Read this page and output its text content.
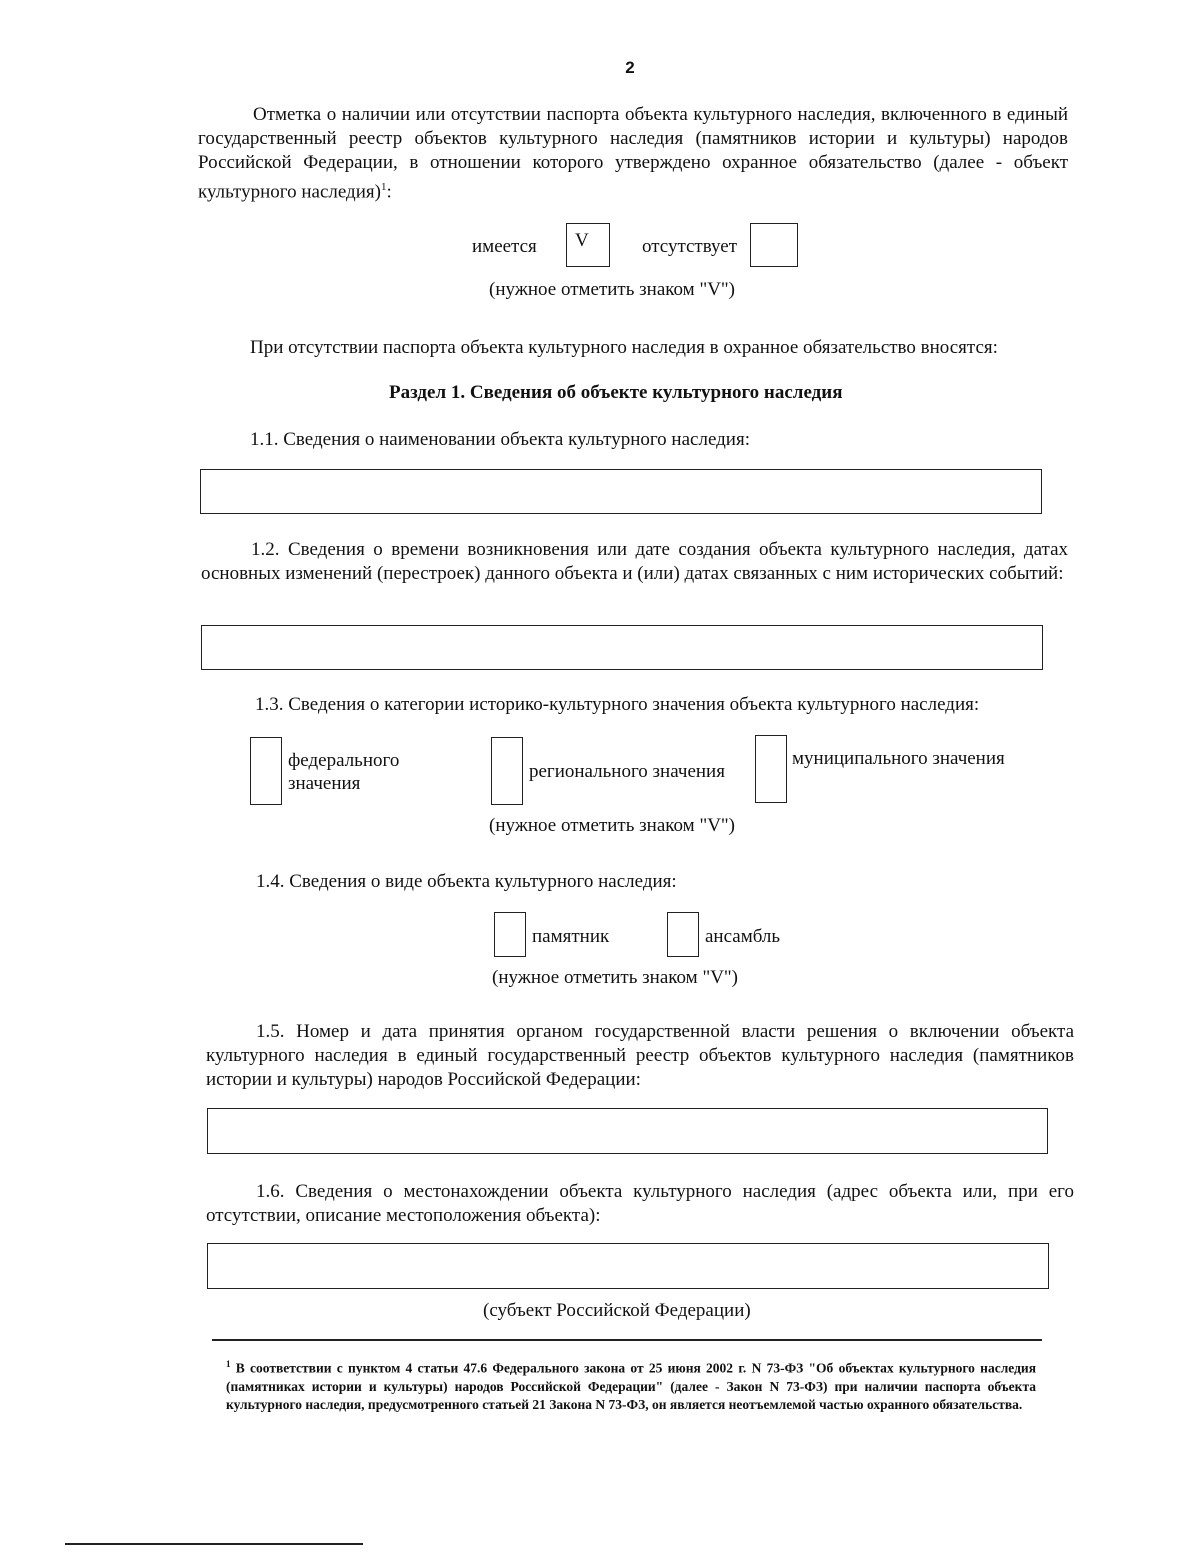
2
Отметка о наличии или отсутствии паспорта объекта культурного наследия, включенного в единый государственный реестр объектов культурного наследия (памятников истории и культуры) народов Российской Федерации, в отношении которого утверждено охранное обязательство (далее - объект культурного наследия)$^1$:
имеется V	отсутствует
(нужное отметить знаком "V")
При отсутствии паспорта объекта культурного наследия в охранное обязательство вносятся:
Раздел 1. Сведения об объекте культурного наследия
1.1. Сведения о наименовании объекта культурного наследия:
1.2. Сведения о времени возникновения или дате создания объекта культурного наследия, датах основных изменений (перестроек) данного объекта и (или) датах связанных с ним исторических событий:
1.3. Сведения о категории историко-культурного значения объекта культурного наследия:
федерального
значения
регионального значения
муниципального значения
(нужное отметить знаком "V")
1.4. Сведения о виде объекта культурного наследия:
памятник	ансамбль
(нужное отметить знаком "V")
1.5. Номер и дата принятия органом государственной власти решения о включении объекта культурного наследия в единый государственный реестр объектов культурного наследия (памятников истории и культуры) народов Российской Федерации:
1.6. Сведения о местонахождении объекта культурного наследия (адрес объекта или, при его отсутствии, описание местоположения объекта):
(субъект Российской Федерации)
$^1$ В соответствии с пунктом 4 статьи 47.6 Федерального закона от 25 июня 2002 г. N 73-ФЗ "Об объектах культурного наследия (памятниках истории и культуры) народов Российской Федерации" (далее - Закон N 73-ФЗ) при наличии паспорта объекта культурного наследия, предусмотренного статьей 21 Закона N 73-ФЗ, он является неотъемлемой частью охранного обязательства.
